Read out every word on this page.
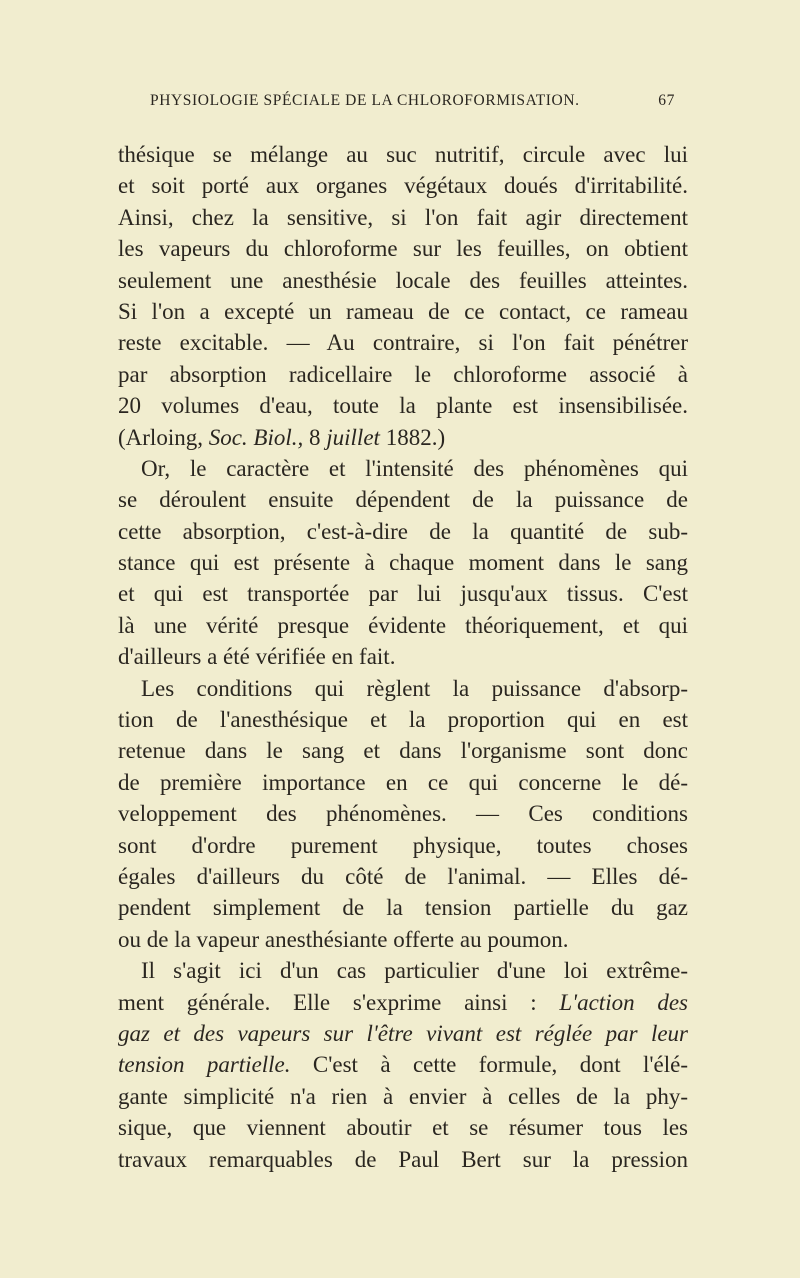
PHYSIOLOGIE SPÉCIALE DE LA CHLOROFORMISATION.	67
thésique se mélange au suc nutritif, circule avec lui
et soit porté aux organes végétaux doués d'irritabilité.
Ainsi, chez la sensitive, si l'on fait agir directement
les vapeurs du chloroforme sur les feuilles, on obtient
seulement une anesthésie locale des feuilles atteintes.
Si l'on a excepté un rameau de ce contact, ce rameau
reste excitable. — Au contraire, si l'on fait pénétrer
par absorption radicellaire le chloroforme associé à
20 volumes d'eau, toute la plante est insensibilisée.
(Arloing, Soc. Biol., 8 juillet 1882.)
Or, le caractère et l'intensité des phénomènes qui
se déroulent ensuite dépendent de la puissance de
cette absorption, c'est-à-dire de la quantité de sub-
stance qui est présente à chaque moment dans le sang
et qui est transportée par lui jusqu'aux tissus. C'est
là une vérité presque évidente théoriquement, et qui
d'ailleurs a été vérifiée en fait.
Les conditions qui règlent la puissance d'absorp-
tion de l'anesthésique et la proportion qui en est
retenue dans le sang et dans l'organisme sont donc
de première importance en ce qui concerne le dé-
veloppement des phénomènes. — Ces conditions
sont d'ordre purement physique, toutes choses
égales d'ailleurs du côté de l'animal. — Elles dé-
pendent simplement de la tension partielle du gaz
ou de la vapeur anesthésiante offerte au poumon.
Il s'agit ici d'un cas particulier d'une loi extrême-
ment générale. Elle s'exprime ainsi : L'action des
gaz et des vapeurs sur l'être vivant est réglée par leur
tension partielle. C'est à cette formule, dont l'élé-
gante simplicité n'a rien à envier à celles de la phy-
sique, que viennent aboutir et se résumer tous les
travaux remarquables de Paul Bert sur la pression
